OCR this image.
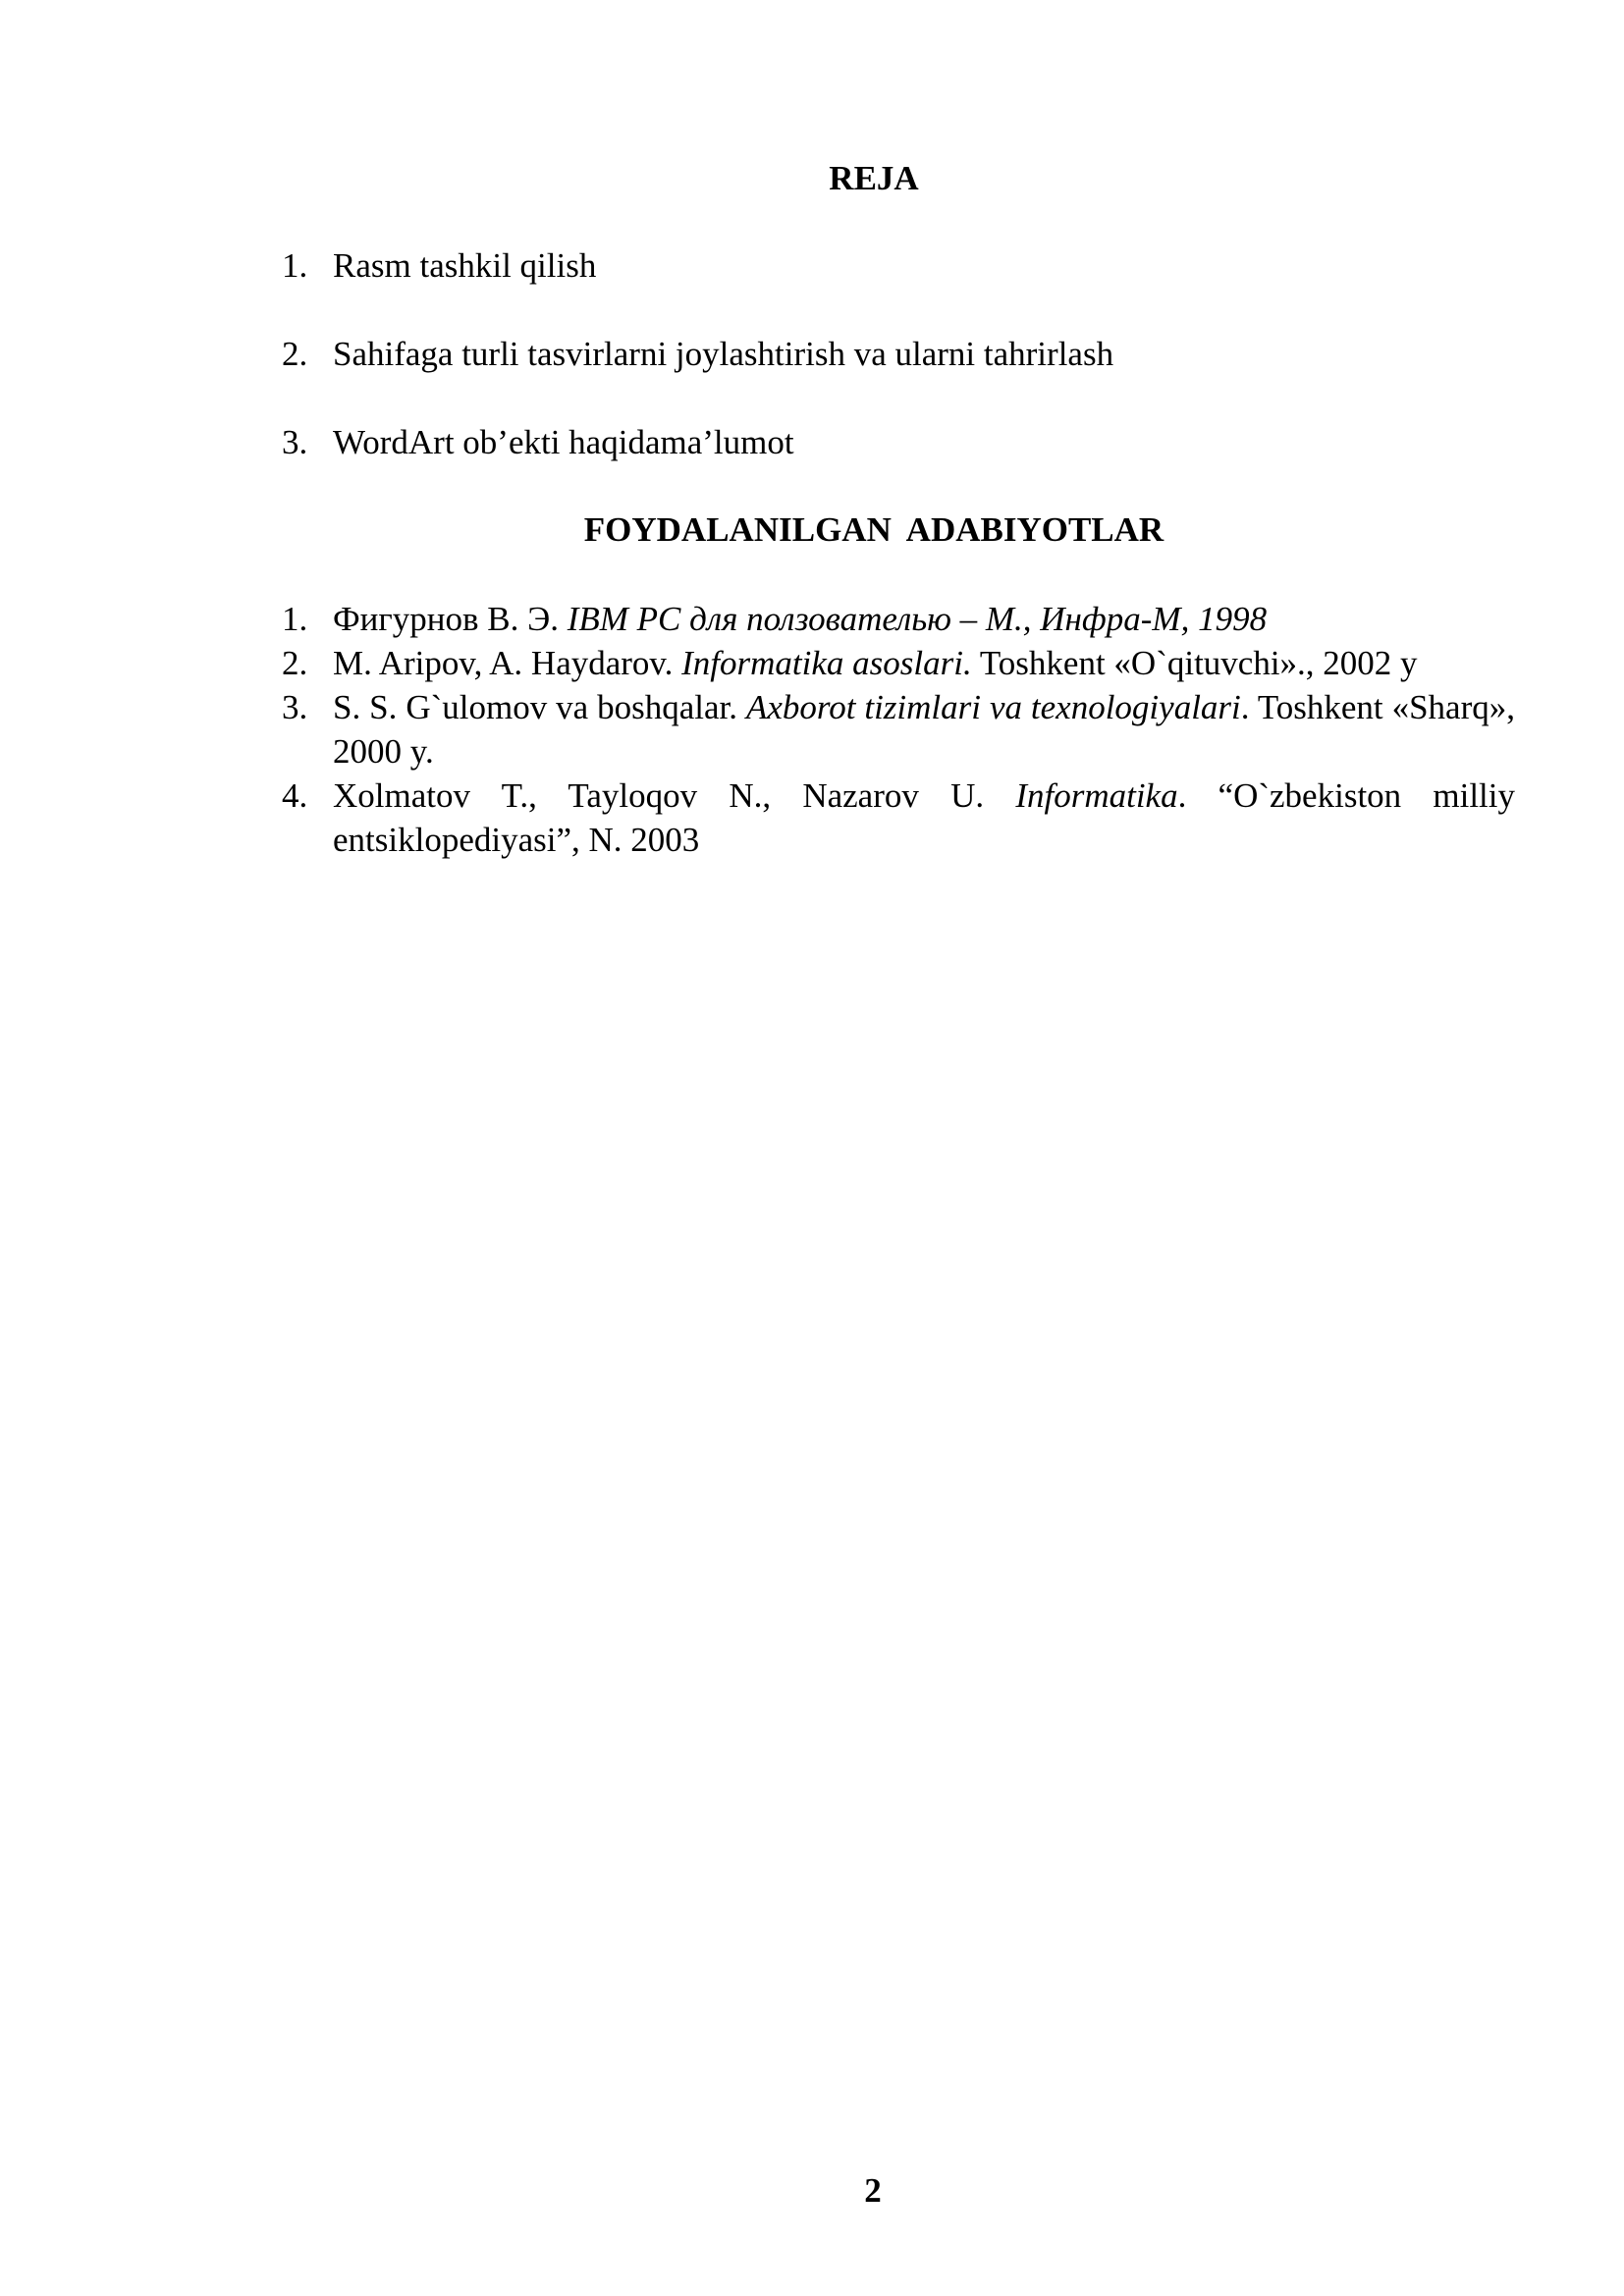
REJA
1. Rasm tashkil qilish
2. Sahifaga turli tasvirlarni joylashtirish va ularni tahrirlash
3. WordArt ob’ekti haqidama’lumot
FOYDALANILGAN ADABIYOTLAR
1. Фигурнов В. Э. IBM PC для ползователью – М., Инфра-М, 1998
2. M. Aripov, A. Haydarov. Informatika asoslari. Toshkent «O`qituvchi»., 2002 y
3. S. S. G`ulomov va boshqalar. Axborot tizimlari va texnologiyalari. Toshkent «Sharq», 2000 y.
4. Xolmatov T., Tayloqov N., Nazarov U. Informatika. “O`zbekiston milliy entsiklopediyasi”, N. 2003
2
